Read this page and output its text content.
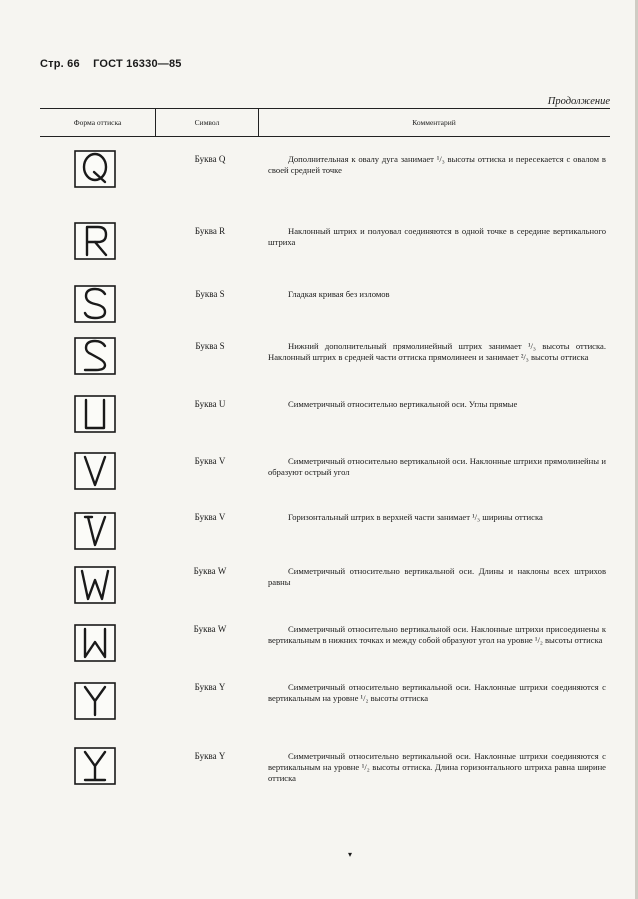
Стр. 66 ГОСТ 16330—85
Продолжение
Форма оттиска	Символ	Комментарий
Буква Q	Дополнительная к овалу дуга занимает ¹/₃ высоты оттиска и пересекается с овалом в своей средней точке
Буква R	Наклонный штрих и полуовал соединяются в одной точке в середине вертикального штриха
Буква S	Гладкая кривая без изломов
Буква S	Нижний дополнительный прямолинейный штрих занимает ¹/₃ высоты оттиска. Наклонный штрих в средней части оттиска прямолинеен и занимает ²/₃ высоты оттиска
Буква U	Симметричный относительно вертикальной оси. Углы прямые
Буква V	Симметричный относительно вертикальной оси. Наклонные штрихи прямолинейны и образуют острый угол
Буква V	Горизонтальный штрих в верхней части занимает ¹/₃ ширины оттиска
Буква W	Симметричный относительно вертикальной оси. Длины и наклоны всех штрихов равны
Буква W	Симметричный относительно вертикальной оси. Наклонные штрихи присоединены к вертикальным в нижних точках и между собой образуют угол на уровне ¹/₂ высоты оттиска
Буква Y	Симметричный относительно вертикальной оси. Наклонные штрихи соединяются с вертикальным на уровне ¹/₂ высоты оттиска
Буква Y	Симметричный относительно вертикальной оси. Наклонные штрихи соединяются с вертикальным на уровне ¹/₂ высоты оттиска. Длина горизонтального штриха равна ширине оттиска
▾
